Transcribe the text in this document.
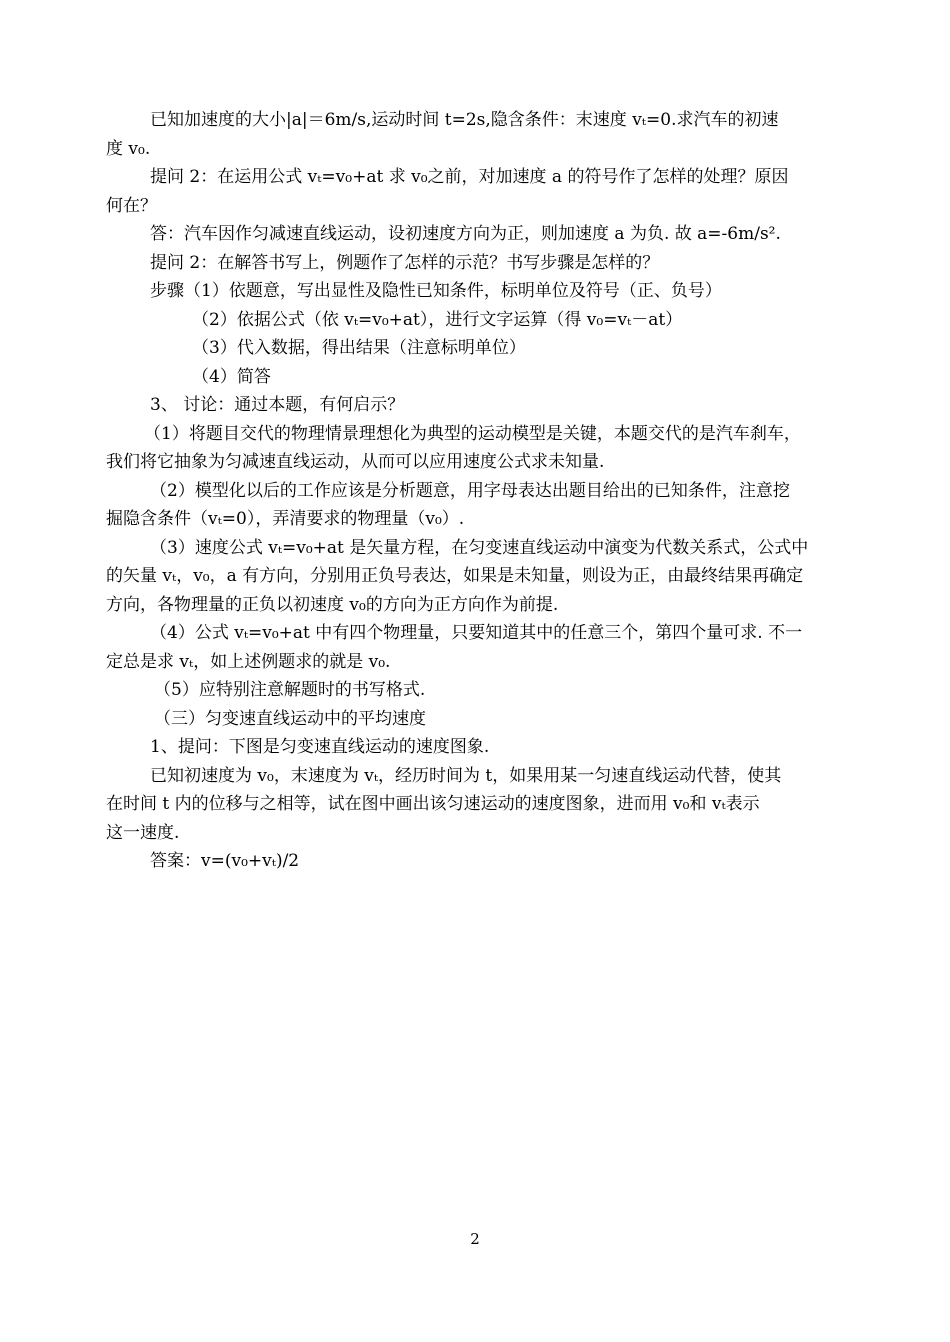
已知加速度的大小|a|＝6m/s,运动时间 t=2s,隐含条件：末速度 vₜ=0.求汽车的初速
度 v₀.
提问 2：在运用公式 vₜ=v₀+at 求 v₀之前，对加速度 a 的符号作了怎样的处理？原因
何在？
答：汽车因作匀减速直线运动，设初速度方向为正，则加速度 a 为负. 故 a=-6m/s².
提问 2：在解答书写上，例题作了怎样的示范？书写步骤是怎样的？
步骤（1）依题意，写出显性及隐性已知条件，标明单位及符号（正、负号）
（2）依据公式（依 vₜ=v₀+at），进行文字运算（得 v₀=vₜ－at）
（3）代入数据，得出结果（注意标明单位）
（4）简答
3、 讨论：通过本题，有何启示？
（1）将题目交代的物理情景理想化为典型的运动模型是关键，本题交代的是汽车刹车，
我们将它抽象为匀减速直线运动，从而可以应用速度公式求未知量.
（2）模型化以后的工作应该是分析题意，用字母表达出题目给出的已知条件，注意挖
掘隐含条件（vₜ=0），弄清要求的物理量（v₀）.
（3）速度公式 vₜ=v₀+at 是矢量方程，在匀变速直线运动中演变为代数关系式，公式中
的矢量 vₜ，v₀，a 有方向，分别用正负号表达，如果是未知量，则设为正，由最终结果再确定
方向，各物理量的正负以初速度 v₀的方向为正方向作为前提.
（4）公式 vₜ=v₀+at 中有四个物理量，只要知道其中的任意三个，第四个量可求. 不一
定总是求 vₜ，如上述例题求的就是 v₀.
（5）应特别注意解题时的书写格式.
（三）匀变速直线运动中的平均速度
1、提问：下图是匀变速直线运动的速度图象.
已知初速度为 v₀，末速度为 vₜ，经历时间为 t，如果用某一匀速直线运动代替，使其
在时间 t 内的位移与之相等，试在图中画出该匀速运动的速度图象，进而用 v₀和 vₜ表示
这一速度.
答案：v=(v₀+vₜ)/2
2
